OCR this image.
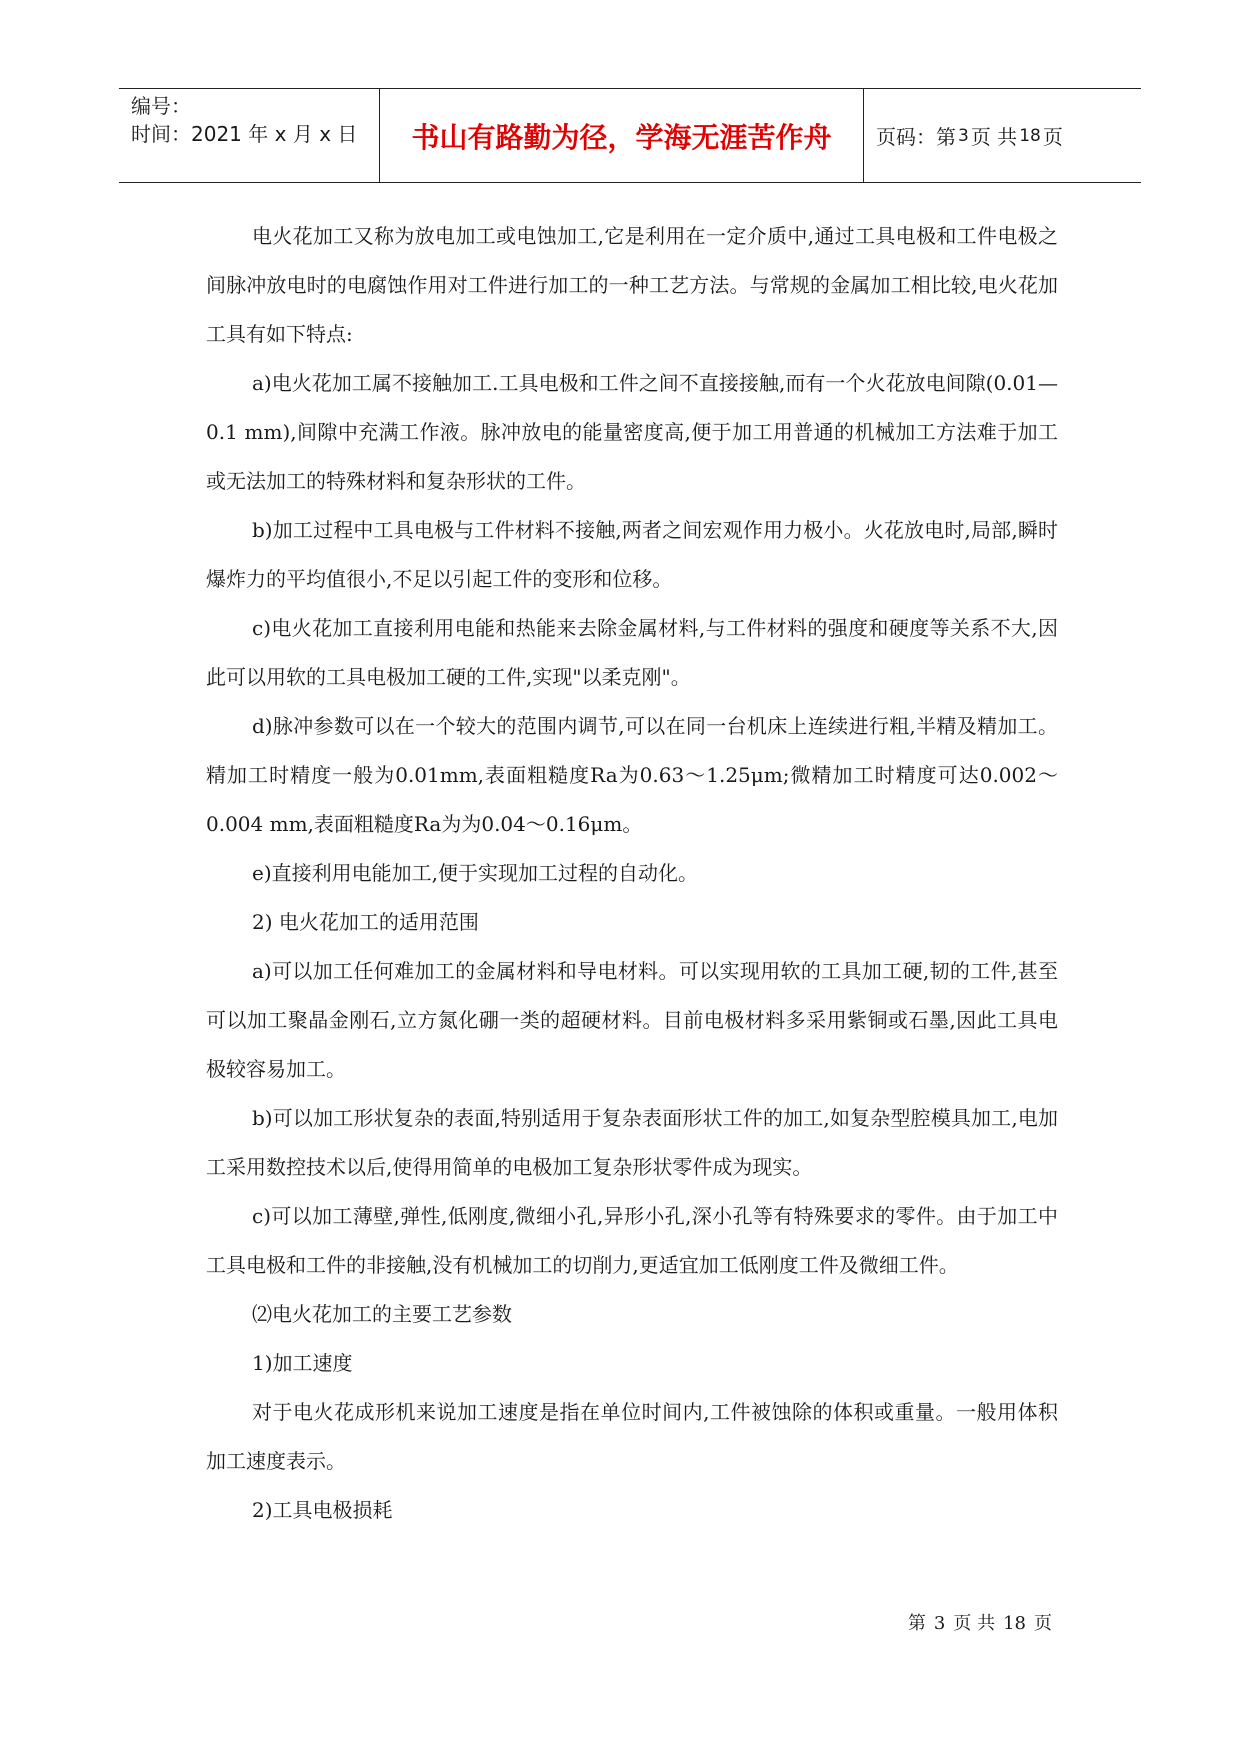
编号：
时间：2021 年 x 月 x 日	书山有路勤为径，学海无涯苦作舟	页码：第 3 页 共 18 页

电火花加工又称为放电加工或电蚀加工,它是利用在一定介质中,通过工具电极和工件电极之间脉冲放电时的电腐蚀作用对工件进行加工的一种工艺方法。与常规的金属加工相比较,电火花加工具有如下特点:

a)电火花加工属不接触加工.工具电极和工件之间不直接接触,而有一个火花放电间隙(0.01—0.1 mm),间隙中充满工作液。脉冲放电的能量密度高,便于加工用普通的机械加工方法难于加工或无法加工的特殊材料和复杂形状的工件。

b)加工过程中工具电极与工件材料不接触,两者之间宏观作用力极小。火花放电时,局部,瞬时爆炸力的平均值很小,不足以引起工件的变形和位移。

c)电火花加工直接利用电能和热能来去除金属材料,与工件材料的强度和硬度等关系不大,因此可以用软的工具电极加工硬的工件,实现"以柔克刚"。

d)脉冲参数可以在一个较大的范围内调节,可以在同一台机床上连续进行粗,半精及精加工。精加工时精度一般为0.01mm,表面粗糙度Ra为0.63～1.25μm;微精加工时精度可达0.002～0.004 mm,表面粗糙度Ra为为0.04～0.16μm。

e)直接利用电能加工,便于实现加工过程的自动化。

2) 电火花加工的适用范围

a)可以加工任何难加工的金属材料和导电材料。可以实现用软的工具加工硬,韧的工件,甚至可以加工聚晶金刚石,立方氮化硼一类的超硬材料。目前电极材料多采用紫铜或石墨,因此工具电极较容易加工。

b)可以加工形状复杂的表面,特别适用于复杂表面形状工件的加工,如复杂型腔模具加工,电加工采用数控技术以后,使得用简单的电极加工复杂形状零件成为现实。

c)可以加工薄壁,弹性,低刚度,微细小孔,异形小孔,深小孔等有特殊要求的零件。由于加工中工具电极和工件的非接触,没有机械加工的切削力,更适宜加工低刚度工件及微细工件。

⑵电火花加工的主要工艺参数

1)加工速度

对于电火花成形机来说加工速度是指在单位时间内,工件被蚀除的体积或重量。一般用体积加工速度表示。

2)工具电极损耗

第 3 页 共 18 页
